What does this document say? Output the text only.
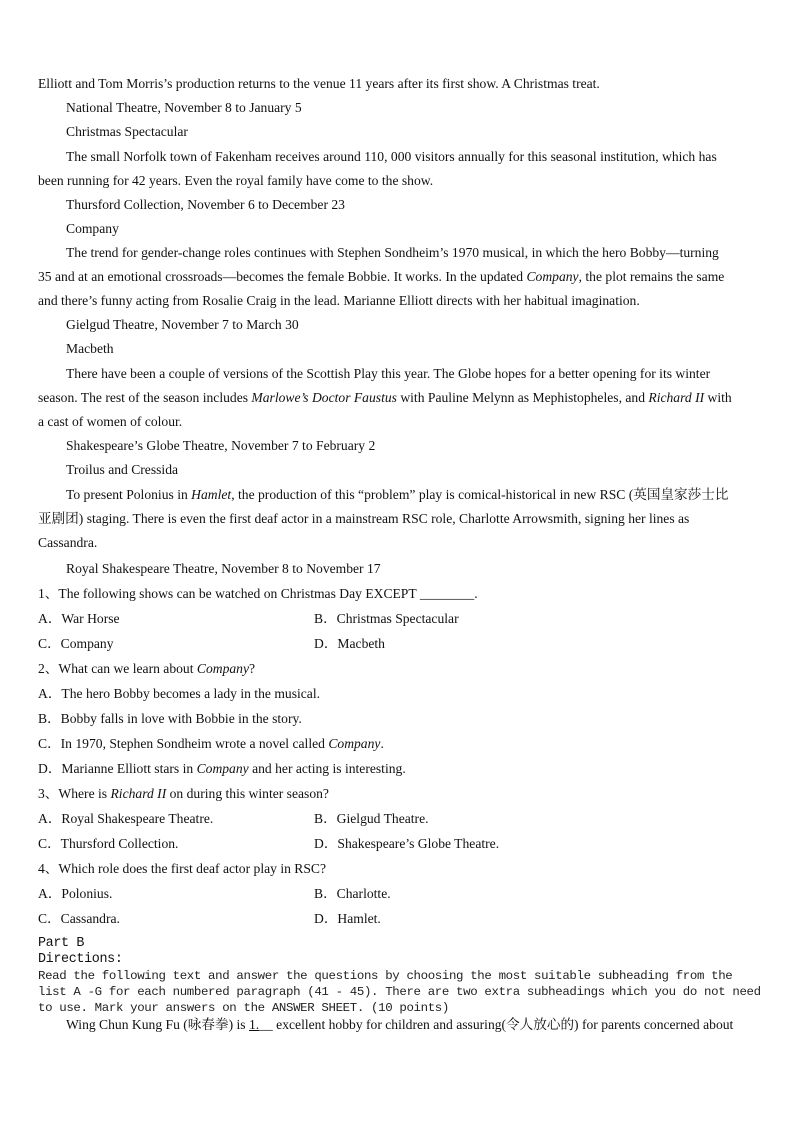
Elliott and Tom Morris’s production returns to the venue 11 years after its first show. A Christmas treat.
National Theatre, November 8 to January 5
Christmas Spectacular
The small Norfolk town of Fakenham receives around 110, 000 visitors annually for this seasonal institution, which has
been running for 42 years. Even the royal family have come to the show.
Thursford Collection, November 6 to December 23
Company
The trend for gender-change roles continues with Stephen Sondheim’s 1970 musical, in which the hero Bobby—turning
35 and at an emotional crossroads—becomes the female Bobbie. It works. In the updated Company, the plot remains the same
and there’s funny acting from Rosalie Craig in the lead. Marianne Elliott directs with her habitual imagination.
Gielgud Theatre, November 7 to March 30
Macbeth
There have been a couple of versions of the Scottish Play this year. The Globe hopes for a better opening for its winter
season. The rest of the season includes Marlowe’s Doctor Faustus with Pauline Melynn as Mephistopheles, and Richard II with
a cast of women of colour.
Shakespeare’s Globe Theatre, November 7 to February 2
Troilus and Cressida
To present Polonius in Hamlet, the production of this “problem” play is comical-historical in new RSC (英国皇家莎士比
亚剧团) staging. There is even the first deaf actor in a mainstream RSC role, Charlotte Arrowsmith, signing her lines as
Cassandra.
Royal Shakespeare Theatre, November 8 to November 17
1、The following shows can be watched on Christmas Day EXCEPT ________.
A．War Horse	B．Christmas Spectacular
C．Company	D．Macbeth
2、What can we learn about Company?
A．The hero Bobby becomes a lady in the musical.
B．Bobby falls in love with Bobbie in the story.
C．In 1970, Stephen Sondheim wrote a novel called Company.
D．Marianne Elliott stars in Company and her acting is interesting.
3、Where is Richard II on during this winter season?
A．Royal Shakespeare Theatre.	B．Gielgud Theatre.
C．Thursford Collection.	D．Shakespeare’s Globe Theatre.
4、Which role does the first deaf actor play in RSC?
A．Polonius.	B．Charlotte.
C．Cassandra.	D．Hamlet.
Part B
Directions:
Read the following text and answer the questions by choosing the most suitable subheading from the
list A -G for each numbered paragraph (41 - 45). There are two extra subheadings which you do not need
to use. Mark your answers on the ANSWER SHEET. (10 points)
Wing Chun Kung Fu (咏春拳) is 1.__ excellent hobby for children and assuring(令人放心的) for parents concerned about
